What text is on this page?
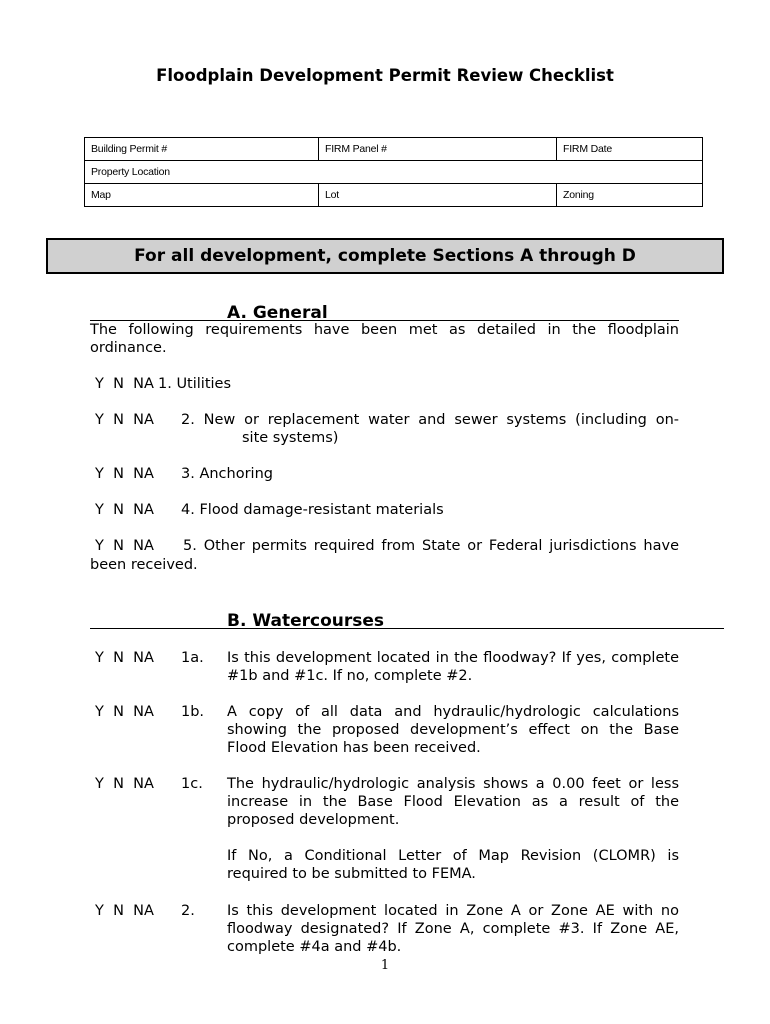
Floodplain Development Permit Review Checklist
Building Permit #	FIRM Panel #	FIRM Date
Property Location		
Map	Lot	Zoning
For all development, complete Sections A through D
A. General
The following requirements have been met as detailed in the floodplain ordinance.
Y  N  NA 1. Utilities
Y  N  NA 2. New or replacement water and sewer systems (including on-
site systems)
Y  N  NA 3. Anchoring
Y  N  NA 4. Flood damage-resistant materials
Y  N  NA 5. Other permits required from State or Federal jurisdictions have
been received.
B. Watercourses
Y  N  NA 1a. Is this development located in the floodway? If yes, complete #1b and #1c. If no, complete #2.
Y  N  NA 1b. A copy of all data and hydraulic/hydrologic calculations showing the proposed development’s effect on the Base Flood Elevation has been received.
Y  N  NA 1c. The hydraulic/hydrologic analysis shows a 0.00 feet or less increase in the Base Flood Elevation as a result of the proposed development.
If No, a Conditional Letter of Map Revision (CLOMR) is required to be submitted to FEMA.
Y  N  NA 2. Is this development located in Zone A or Zone AE with no floodway designated? If Zone A, complete #3. If Zone AE, complete #4a and #4b.
1
